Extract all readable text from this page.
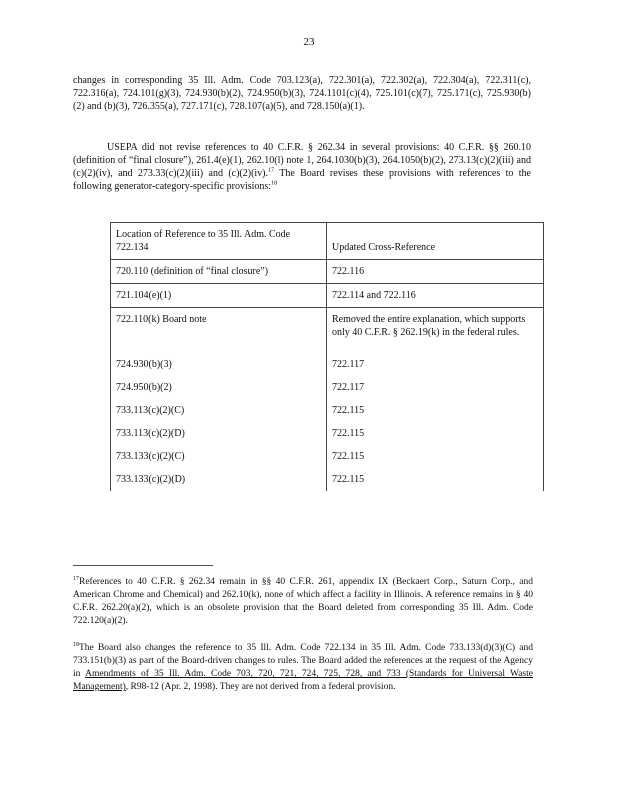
23
changes in corresponding 35 Ill. Adm. Code 703.123(a), 722.301(a), 722.302(a), 722.304(a), 722.311(c), 722.316(a), 724.101(g)(3), 724.930(b)(2), 724.950(b)(3), 724.1101(c)(4), 725.101(c)(7), 725.171(c), 725.930(b)(2) and (b)(3), 726.355(a), 727.171(c), 728.107(a)(5), and 728.150(a)(1).
USEPA did not revise references to 40 C.F.R. § 262.34 in several provisions: 40 C.F.R. §§ 260.10 (definition of “final closure”), 261.4(e)(1), 262.10(l) note 1, 264.1030(b)(3), 264.1050(b)(2), 273.13(c)(2)(iii) and (c)(2)(iv), and 273.33(c)(2)(iii) and (c)(2)(iv).$^{17}$ The Board revises these provisions with references to the following generator-category-specific provisions:$^{18}$
Location of Reference to 35 Ill. Adm. Code 722.134	Updated Cross-Reference
720.110 (definition of “final closure”)	722.116
721.104(e)(1)	722.114 and 722.116
722.110(k) Board note	Removed the entire explanation, which supports only 40 C.F.R. § 262.19(k) in the federal rules.
724.930(b)(3)	722.117
724.950(b)(2)	722.117
733.113(c)(2)(C)	722.115
733.113(c)(2)(D)	722.115
733.133(c)(2)(C)	722.115
733.133(c)(2)(D)	722.115
$^{17}$References to 40 C.F.R. § 262.34 remain in §§ 40 C.F.R. 261, appendix IX (Beckaert Corp., Saturn Corp., and American Chrome and Chemical) and 262.10(k), none of which affect a facility in Illinois. A reference remains in § 40 C.F.R. 262.20(a)(2), which is an obsolete provision that the Board deleted from corresponding 35 Ill. Adm. Code 722.120(a)(2).
$^{18}$The Board also changes the reference to 35 Ill. Adm. Code 722.134 in 35 Ill. Adm. Code 733.133(d)(3)(C) and 733.151(b)(3) as part of the Board-driven changes to rules. The Board added the references at the request of the Agency in Amendments of 35 Ill. Adm. Code 703, 720, 721, 724, 725, 728, and 733 (Standards for Universal Waste Management), R98-12 (Apr. 2, 1998). They are not derived from a federal provision.
